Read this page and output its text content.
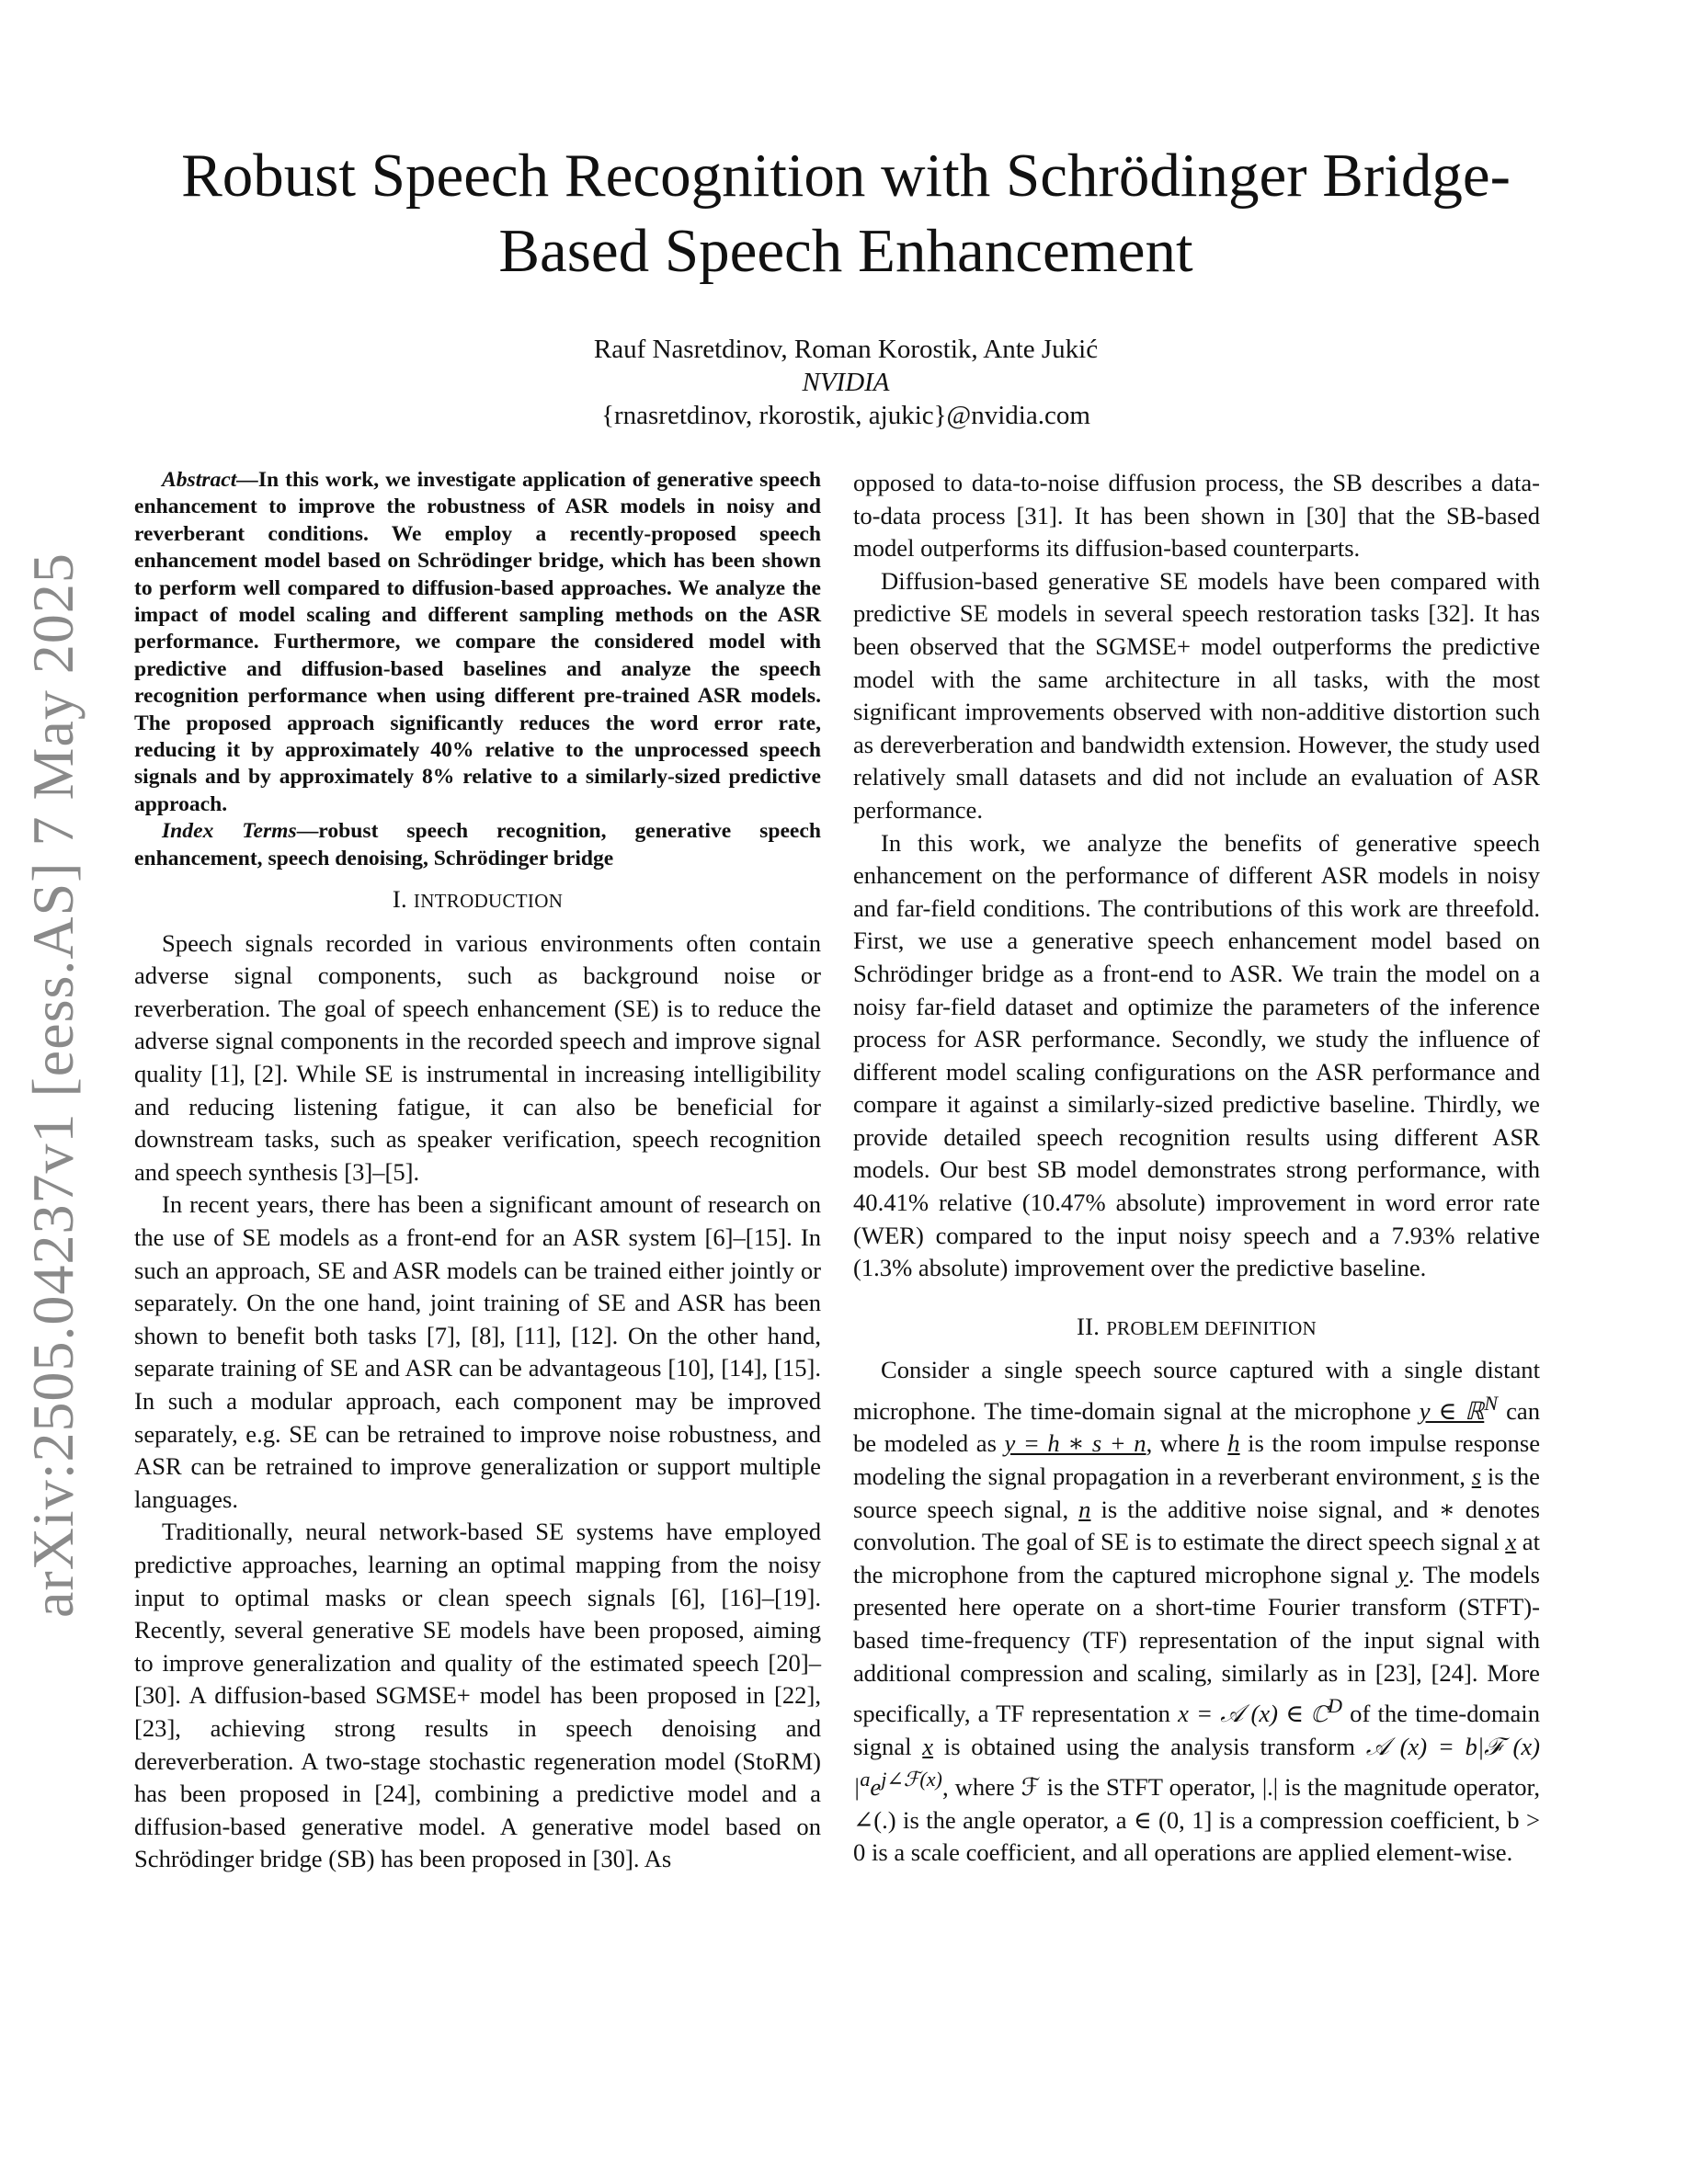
arXiv:2505.04237v1 [eess.AS] 7 May 2025
Robust Speech Recognition with Schrödinger Bridge-Based Speech Enhancement
Rauf Nasretdinov, Roman Korostik, Ante Jukić
NVIDIA
{rnasretdinov, rkorostik, ajukic}@nvidia.com

Abstract—In this work, we investigate application of generative speech enhancement to improve the robustness of ASR models in noisy and reverberant conditions. We employ a recently-proposed speech enhancement model based on Schrödinger bridge, which has been shown to perform well compared to diffusion-based approaches. We analyze the impact of model scaling and different sampling methods on the ASR performance. Furthermore, we compare the considered model with predictive and diffusion-based baselines and analyze the speech recognition performance when using different pre-trained ASR models. The proposed approach significantly reduces the word error rate, reducing it by approximately 40% relative to the unprocessed speech signals and by approximately 8% relative to a similarly-sized predictive approach.

Index Terms—robust speech recognition, generative speech enhancement, speech denoising, Schrödinger bridge

I. INTRODUCTION

Speech signals recorded in various environments often contain adverse signal components, such as background noise or reverberation. The goal of speech enhancement (SE) is to reduce the adverse signal components in the recorded speech and improve signal quality [1], [2]. While SE is instrumental in increasing intelligibility and reducing listening fatigue, it can also be beneficial for downstream tasks, such as speaker verification, speech recognition and speech synthesis [3]–[5].

In recent years, there has been a significant amount of research on the use of SE models as a front-end for an ASR system [6]–[15]. In such an approach, SE and ASR models can be trained either jointly or separately. On the one hand, joint training of SE and ASR has been shown to benefit both tasks [7], [8], [11], [12]. On the other hand, separate training of SE and ASR can be advantageous [10], [14], [15]. In such a modular approach, each component may be improved separately, e.g. SE can be retrained to improve noise robustness, and ASR can be retrained to improve generalization or support multiple languages.

Traditionally, neural network-based SE systems have employed predictive approaches, learning an optimal mapping from the noisy input to optimal masks or clean speech signals [6], [16]–[19]. Recently, several generative SE models have been proposed, aiming to improve generalization and quality of the estimated speech [20]–[30]. A diffusion-based SGMSE+ model has been proposed in [22], [23], achieving strong results in speech denoising and dereverberation. A two-stage stochastic regeneration model (StoRM) has been proposed in [24], combining a predictive model and a diffusion-based generative model. A generative model based on Schrödinger bridge (SB) has been proposed in [30]. As

opposed to data-to-noise diffusion process, the SB describes a data-to-data process [31]. It has been shown in [30] that the SB-based model outperforms its diffusion-based counterparts.

Diffusion-based generative SE models have been compared with predictive SE models in several speech restoration tasks [32]. It has been observed that the SGMSE+ model outperforms the predictive model with the same architecture in all tasks, with the most significant improvements observed with non-additive distortion such as dereverberation and bandwidth extension. However, the study used relatively small datasets and did not include an evaluation of ASR performance.

In this work, we analyze the benefits of generative speech enhancement on the performance of different ASR models in noisy and far-field conditions. The contributions of this work are threefold. First, we use a generative speech enhancement model based on Schrödinger bridge as a front-end to ASR. We train the model on a noisy far-field dataset and optimize the parameters of the inference process for ASR performance. Secondly, we study the influence of different model scaling configurations on the ASR performance and compare it against a similarly-sized predictive baseline. Thirdly, we provide detailed speech recognition results using different ASR models. Our best SB model demonstrates strong performance, with 40.41% relative (10.47% absolute) improvement in word error rate (WER) compared to the input noisy speech and a 7.93% relative (1.3% absolute) improvement over the predictive baseline.

II. PROBLEM DEFINITION

Consider a single speech source captured with a single distant microphone. The time-domain signal at the microphone y ∈ ℝ$^N$ can be modeled as y = h ∗ s + n, where h is the room impulse response modeling the signal propagation in a reverberant environment, s is the source speech signal, n is the additive noise signal, and ∗ denotes convolution. The goal of SE is to estimate the direct speech signal x at the microphone from the captured microphone signal y. The models presented here operate on a short-time Fourier transform (STFT)-based time-frequency (TF) representation of the input signal with additional compression and scaling, similarly as in [23], [24]. More specifically, a TF representation x = 𝒜 (x) ∈ ℂ$^D$ of the time-domain signal x is obtained using the analysis transform 𝒜 (x) = b|ℱ (x) $|^ae^{j\angle ℱ(x)}$, where ℱ is the STFT operator, |.| is the magnitude operator, ∠(.) is the angle operator, a ∈ (0, 1] is a compression coefficient, b > 0 is a scale coefficient, and all operations are applied element-wise.
